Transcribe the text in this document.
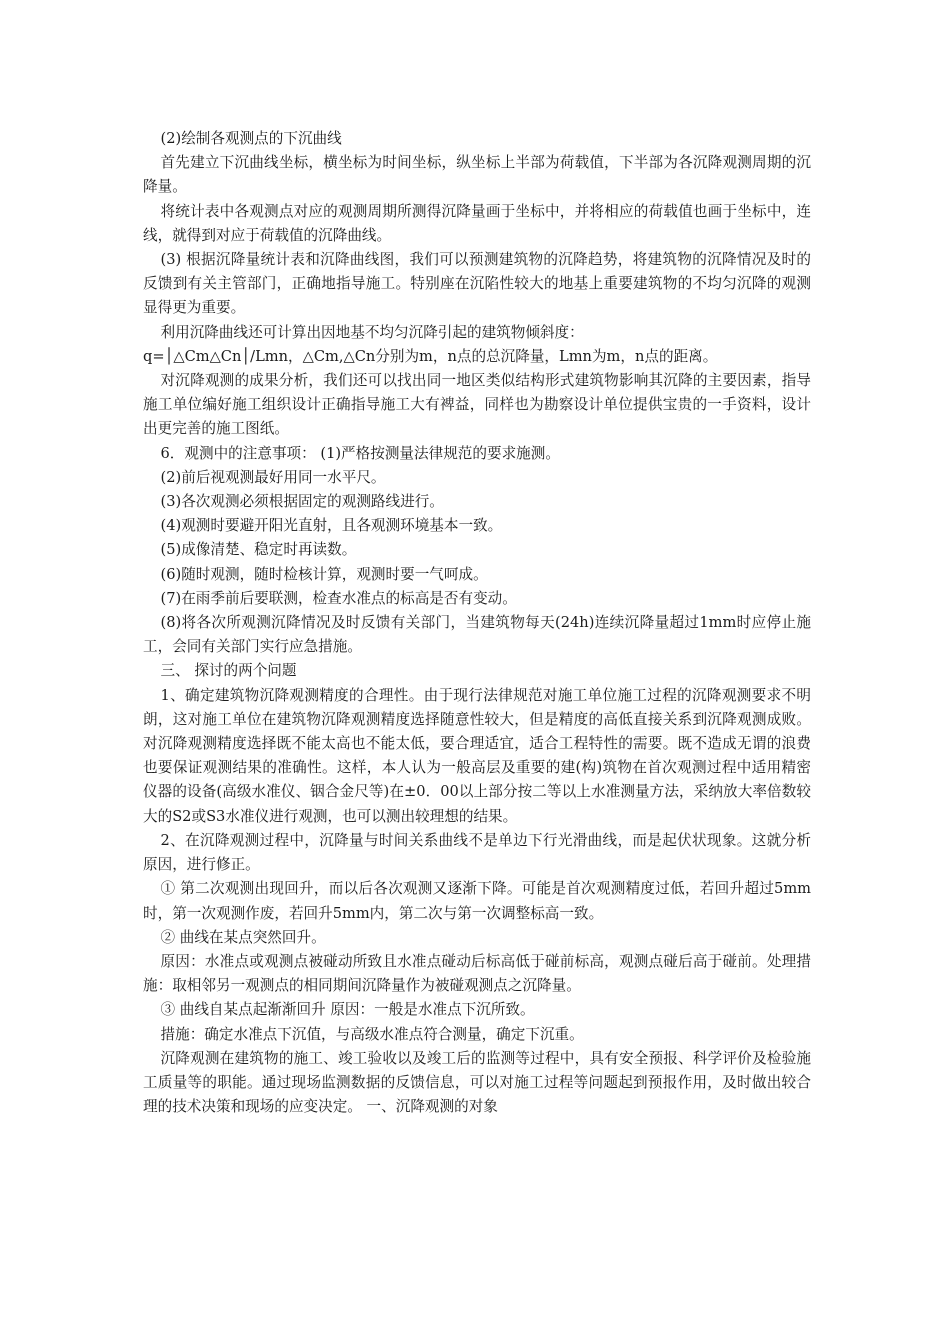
(2)绘制各观测点的下沉曲线

首先建立下沉曲线坐标，横坐标为时间坐标，纵坐标上半部为荷载值，下半部为各沉降观测周期的沉降量。

将统计表中各观测点对应的观测周期所测得沉降量画于坐标中，并将相应的荷载值也画于坐标中，连线，就得到对应于荷载值的沉降曲线。

(3) 根据沉降量统计表和沉降曲线图，我们可以预测建筑物的沉降趋势，将建筑物的沉降情况及时的反馈到有关主管部门，正确地指导施工。特别座在沉陷性较大的地基上重要建筑物的不均匀沉降的观测显得更为重要。

利用沉降曲线还可计算出因地基不均匀沉降引起的建筑物倾斜度：

q=│△Cm△Cn│/Lmn，△Cm,△Cn分别为m，n点的总沉降量，Lmn为m，n点的距离。

对沉降观测的成果分析，我们还可以找出同一地区类似结构形式建筑物影响其沉降的主要因素，指导施工单位编好施工组织设计正确指导施工大有裨益，同样也为勘察设计单位提供宝贵的一手资料，设计出更完善的施工图纸。

6．观测中的注意事项： (1)严格按测量法律规范的要求施测。

(2)前后视观测最好用同一水平尺。

(3)各次观测必须根据固定的观测路线进行。

(4)观测时要避开阳光直射，且各观测环境基本一致。

(5)成像清楚、稳定时再读数。

(6)随时观测，随时检核计算，观测时要一气呵成。

(7)在雨季前后要联测，检查水准点的标高是否有变动。

(8)将各次所观测沉降情况及时反馈有关部门，当建筑物每天(24h)连续沉降量超过1mm时应停止施工，会同有关部门实行应急措施。

三、 探讨的两个问题

1、确定建筑物沉降观测精度的合理性。由于现行法律规范对施工单位施工过程的沉降观测要求不明朗，这对施工单位在建筑物沉降观测精度选择随意性较大，但是精度的高低直接关系到沉降观测成败。对沉降观测精度选择既不能太高也不能太低，要合理适宜，适合工程特性的需要。既不造成无谓的浪费也要保证观测结果的准确性。这样，本人认为一般高层及重要的建(构)筑物在首次观测过程中适用精密仪器的设备(高级水准仪、铟合金尺等)在±0．00以上部分按二等以上水准测量方法，采纳放大率倍数较大的S2或S3水准仪进行观测，也可以测出较理想的结果。

2、在沉降观测过程中，沉降量与时间关系曲线不是单边下行光滑曲线，而是起伏状现象。这就分析原因，进行修正。

① 第二次观测出现回升，而以后各次观测又逐渐下降。可能是首次观测精度过低，若回升超过5mm时，第一次观测作废，若回升5mm内，第二次与第一次调整标高一致。

② 曲线在某点突然回升。

原因：水准点或观测点被碰动所致且水准点碰动后标高低于碰前标高，观测点碰后高于碰前。处理措施：取相邻另一观测点的相同期间沉降量作为被碰观测点之沉降量。

③ 曲线自某点起渐渐回升 原因：一般是水准点下沉所致。

措施：确定水准点下沉值，与高级水准点符合测量，确定下沉重。

沉降观测在建筑物的施工、竣工验收以及竣工后的监测等过程中，具有安全预报、科学评价及检验施工质量等的职能。通过现场监测数据的反馈信息，可以对施工过程等问题起到预报作用，及时做出较合理的技术决策和现场的应变决定。 一、沉降观测的对象
